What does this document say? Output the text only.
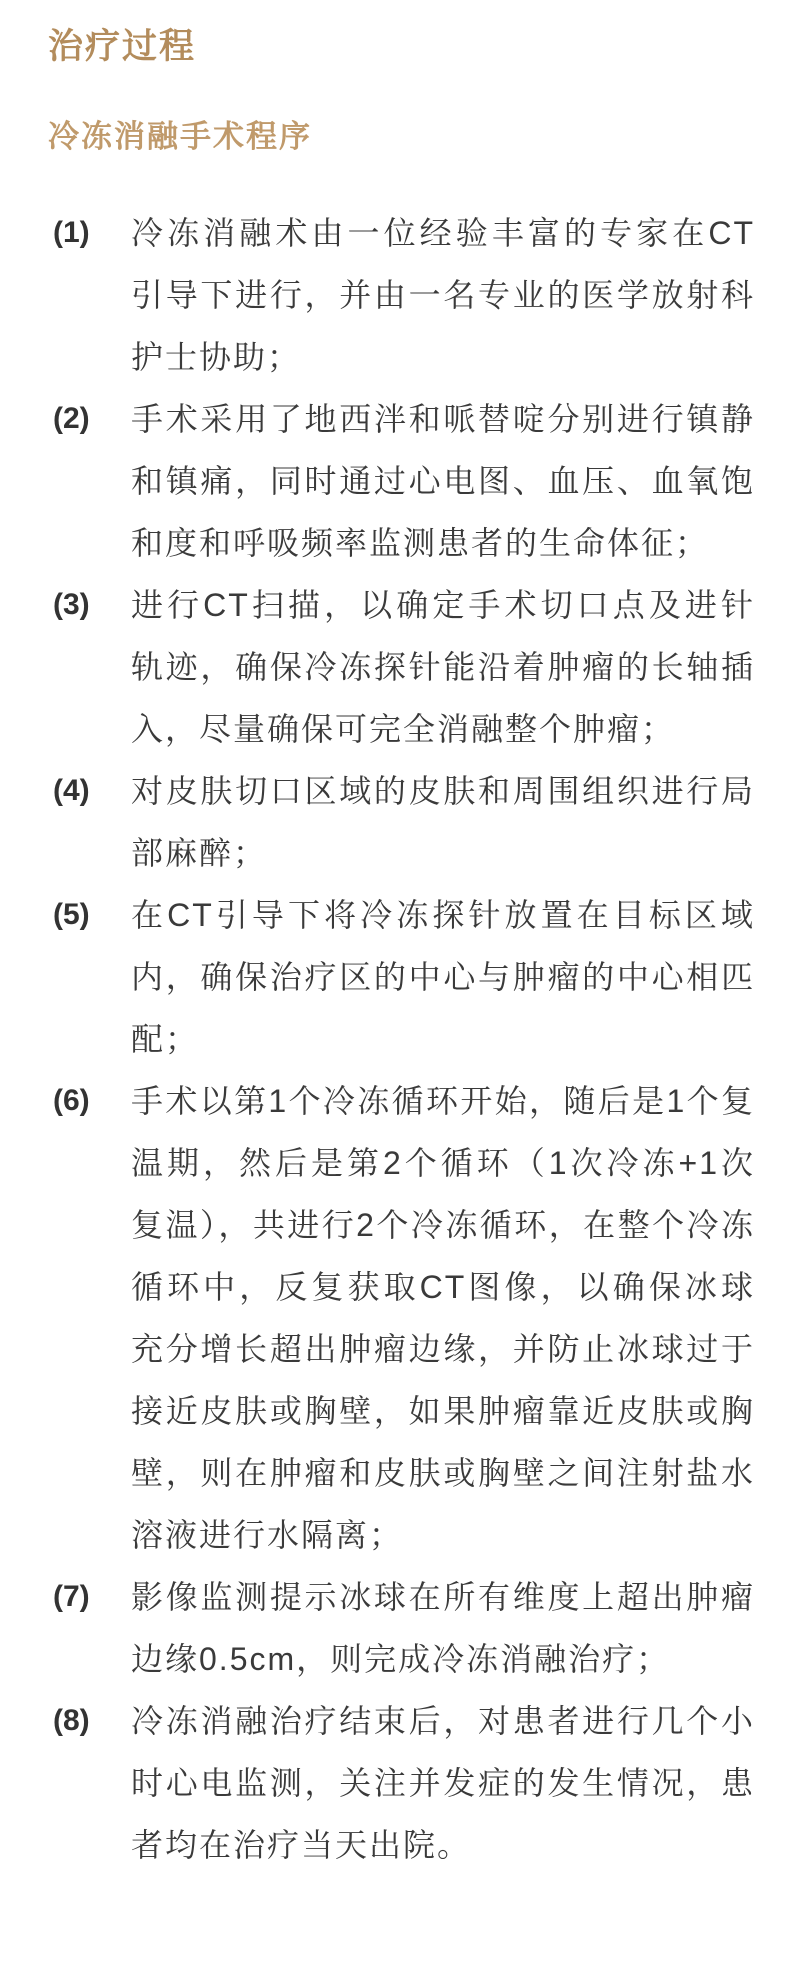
治疗过程
冷冻消融手术程序
(1)	冷冻消融术由一位经验丰富的专家在CT引导下进行，并由一名专业的医学放射科护士协助；
(2)	手术采用了地西泮和哌替啶分别进行镇静和镇痛，同时通过心电图、血压、血氧饱和度和呼吸频率监测患者的生命体征；
(3)	进行CT扫描，以确定手术切口点及进针轨迹，确保冷冻探针能沿着肿瘤的长轴插入，尽量确保可完全消融整个肿瘤；
(4)	对皮肤切口区域的皮肤和周围组织进行局部麻醉；
(5)	在CT引导下将冷冻探针放置在目标区域内，确保治疗区的中心与肿瘤的中心相匹配；
(6)	手术以第1个冷冻循环开始，随后是1个复温期，然后是第2个循环（1次冷冻+1次复温），共进行2个冷冻循环，在整个冷冻循环中，反复获取CT图像，以确保冰球充分增长超出肿瘤边缘，并防止冰球过于接近皮肤或胸壁，如果肿瘤靠近皮肤或胸壁，则在肿瘤和皮肤或胸壁之间注射盐水溶液进行水隔离；
(7)	影像监测提示冰球在所有维度上超出肿瘤边缘0.5cm，则完成冷冻消融治疗；
(8)	冷冻消融治疗结束后，对患者进行几个小时心电监测，关注并发症的发生情况，患者均在治疗当天出院。
